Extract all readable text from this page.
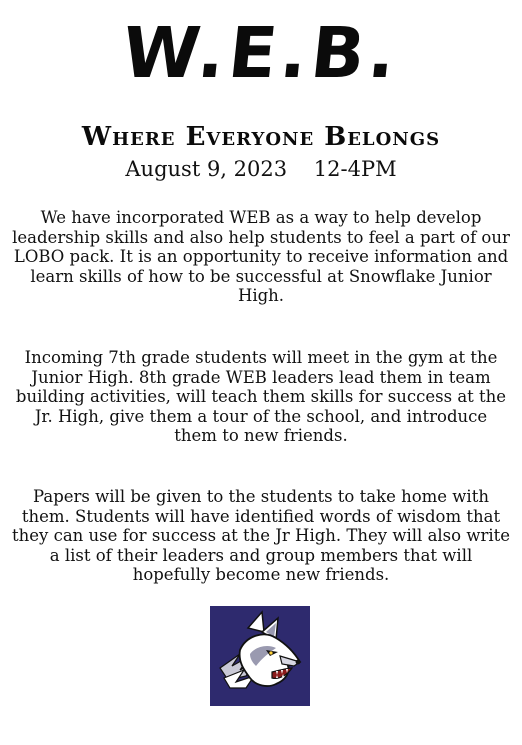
W.E.B.
Where Everyone Belongs
August 9, 2023    12-4PM
We have incorporated WEB as a way to help develop leadership skills and also help students to feel a part of our LOBO pack. It is an opportunity to receive information and learn skills of how to be successful at Snowflake Junior High.
Incoming 7th grade students will meet in the gym at the Junior High. 8th grade WEB leaders lead them in team building activities, will teach them skills for success at the Jr. High, give them a tour of the school, and introduce them to new friends.
Papers will be given to the students to take home with them. Students will have identified words of wisdom that they can use for success at the Jr High. They will also write a list of their leaders and group members that will hopefully become new friends.
